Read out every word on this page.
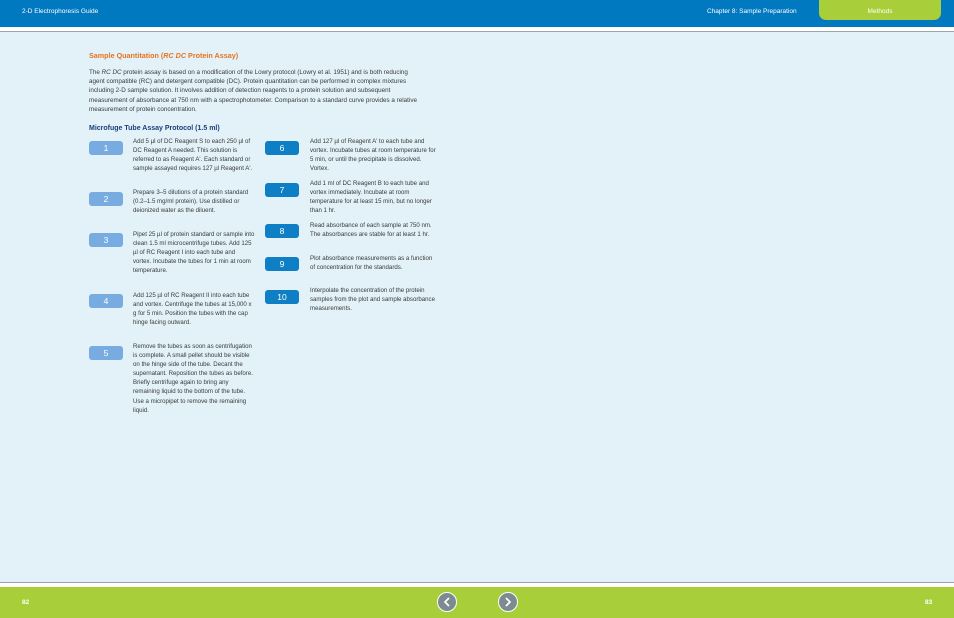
2-D Electrophoresis Guide	Chapter 8: Sample Preparation	Methods
Sample Quantitation (RC DC Protein Assay)
The RC DC protein assay is based on a modification of the Lowry protocol (Lowry et al. 1951) and is both reducing agent compatible (RC) and detergent compatible (DC). Protein quantitation can be performed in complex mixtures including 2-D sample solution. It involves addition of detection reagents to a protein solution and subsequent measurement of absorbance at 750 nm with a spectrophotometer. Comparison to a standard curve provides a relative measurement of protein concentration.
Microfuge Tube Assay Protocol (1.5 ml)
1
Add 5 µl of DC Reagent S to each 250 µl of DC Reagent A needed. This solution is referred to as Reagent A'. Each standard or sample assayed requires 127 µl Reagent A'.
2
Prepare 3–5 dilutions of a protein standard (0.2–1.5 mg/ml protein). Use distilled or deionized water as the diluent.
3
Pipet 25 µl of protein standard or sample into clean 1.5 ml microcentrifuge tubes. Add 125 µl of RC Reagent I into each tube and vortex. Incubate the tubes for 1 min at room temperature.
4
Add 125 µl of RC Reagent II into each tube and vortex. Centrifuge the tubes at 15,000 x g for 5 min. Position the tubes with the cap hinge facing outward.
5
Remove the tubes as soon as centrifugation is complete. A small pellet should be visible on the hinge side of the tube. Decant the supernatant. Reposition the tubes as before. Briefly centrifuge again to bring any remaining liquid to the bottom of the tube. Use a micropipet to remove the remaining liquid.
6
Add 127 µl of Reagent A' to each tube and vortex. Incubate tubes at room temperature for 5 min, or until the precipitate is dissolved. Vortex.
7
Add 1 ml of DC Reagent B to each tube and vortex immediately. Incubate at room temperature for at least 15 min, but no longer than 1 hr.
8
Read absorbance of each sample at 750 nm. The absorbances are stable for at least 1 hr.
9
Plot absorbance measurements as a function of concentration for the standards.
10
Interpolate the concentration of the protein samples from the plot and sample absorbance measurements.
82	83
